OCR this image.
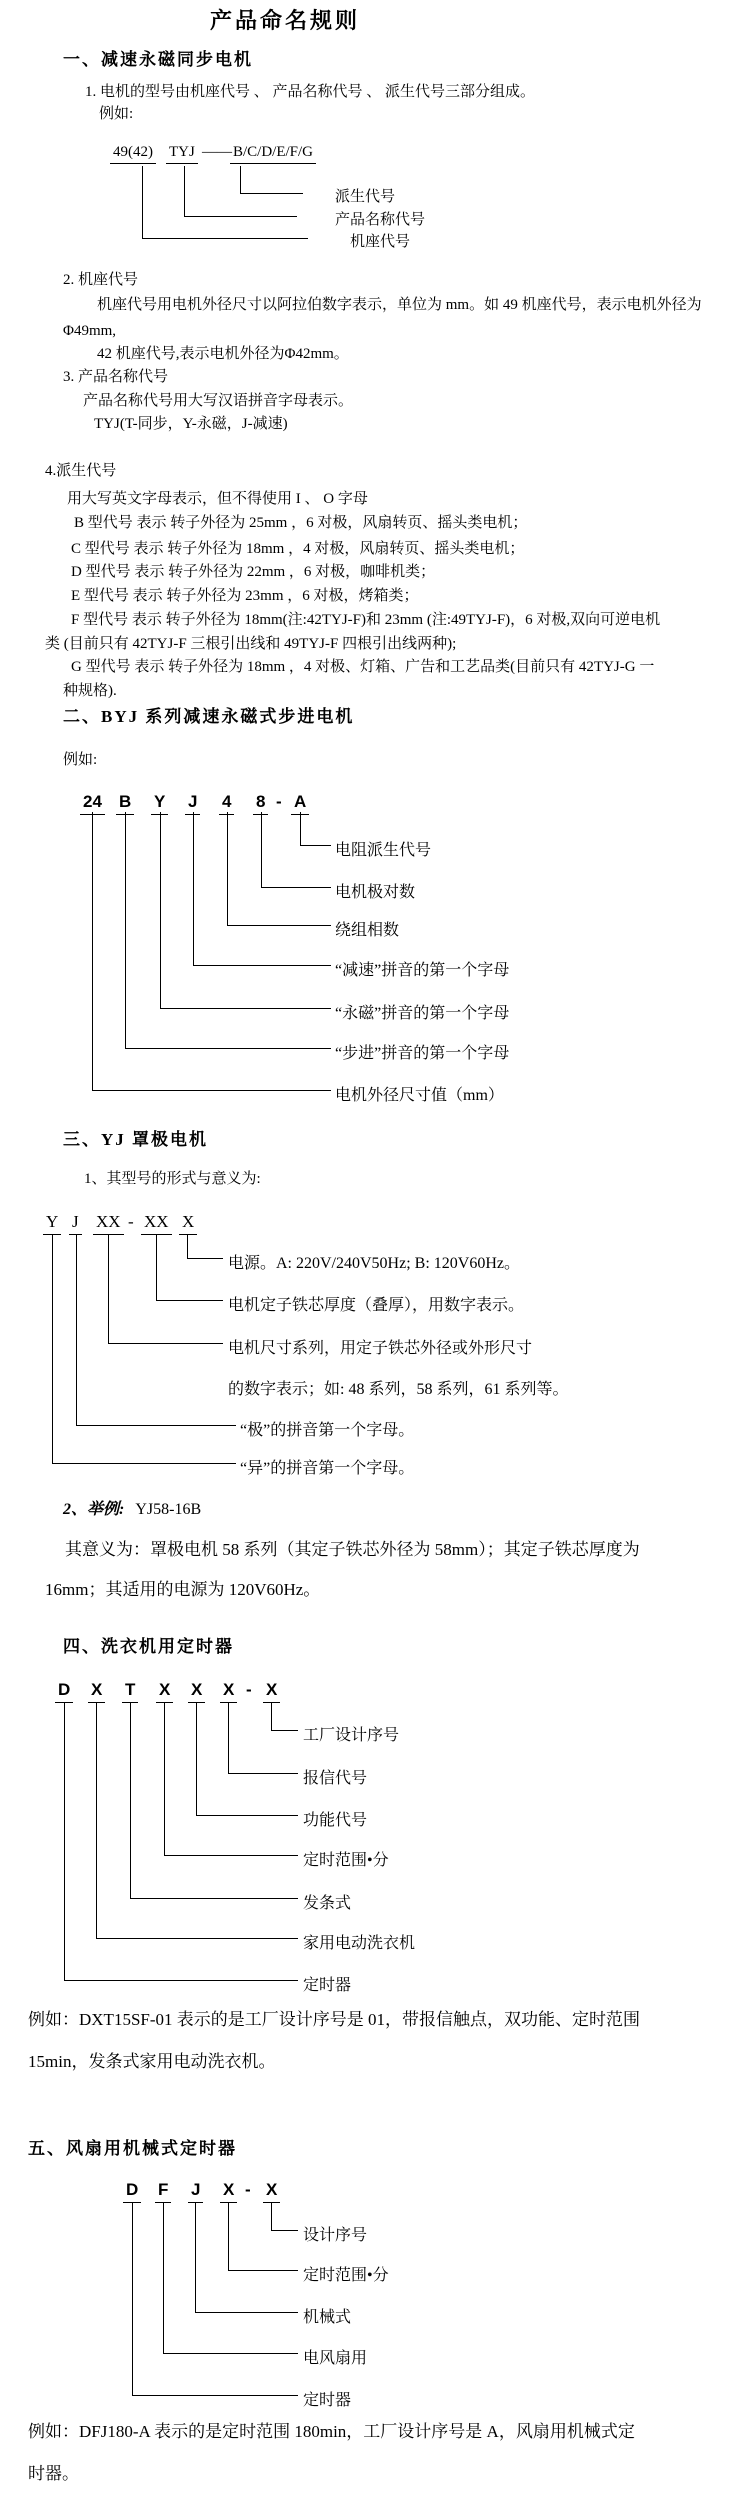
产品命名规则
一、减速永磁同步电机
1. 电机的型号由机座代号 、 产品名称代号 、 派生代号三部分组成。
例如:
49(42) TYJ —— B/C/D/E/F/G
派生代号
产品名称代号
机座代号
2. 机座代号
机座代号用电机外径尺寸以阿拉伯数字表示，单位为 mm。如 49 机座代号，表示电机外径为
Φ49mm,
42 机座代号,表示电机外径为Φ42mm。
3. 产品名称代号
产品名称代号用大写汉语拼音字母表示。
TYJ(T-同步，Y-永磁，J-减速)
4.派生代号
用大写英文字母表示，但不得使用 I 、 O 字母
B 型代号 表示 转子外径为 25mm ，6 对极，风扇转页、摇头类电机；
C 型代号 表示 转子外径为 18mm ，4 对极，风扇转页、摇头类电机；
D 型代号 表示 转子外径为 22mm ，6 对极，咖啡机类；
E 型代号 表示 转子外径为 23mm ，6 对极，烤箱类；
F 型代号 表示 转子外径为 18mm(注:42TYJ-F)和 23mm (注:49TYJ-F)，6 对极,双向可逆电机
类 (目前只有 42TYJ-F 三根引出线和 49TYJ-F 四根引出线两种);
G 型代号 表示 转子外径为 18mm ，4 对极、灯箱、广告和工艺品类(目前只有 42TYJ-G 一
种规格).
二、BYJ 系列减速永磁式步进电机
例如:
24 B Y J 4 8 - A
电阻派生代号
电机极对数
绕组相数
“减速”拼音的第一个字母
“永磁”拼音的第一个字母
“步进”拼音的第一个字母
电机外径尺寸值（mm）
三、YJ 罩极电机
1、其型号的形式与意义为:
Y J XX - XX X
电源。A: 220V/240V50Hz; B: 120V60Hz。
电机定子铁芯厚度（叠厚），用数字表示。
电机尺寸系列，用定子铁芯外径或外形尺寸
的数字表示；如: 48 系列，58 系列，61 系列等。
“极”的拼音第一个字母。
“异”的拼音第一个字母。
2、举例: YJ58-16B
其意义为：罩极电机 58 系列（其定子铁芯外径为 58mm）；其定子铁芯厚度为
16mm；其适用的电源为 120V60Hz。
四、洗衣机用定时器
D X T X X X - X
工厂设计序号
报信代号
功能代号
定时范围•分
发条式
家用电动洗衣机
定时器
例如：DXT15SF-01 表示的是工厂设计序号是 01，带报信触点，双功能、定时范围
15min，发条式家用电动洗衣机。
五、风扇用机械式定时器
D F J X - X
设计序号
定时范围•分
机械式
电风扇用
定时器
例如：DFJ180-A 表示的是定时范围 180min，工厂设计序号是 A，风扇用机械式定
时器。
